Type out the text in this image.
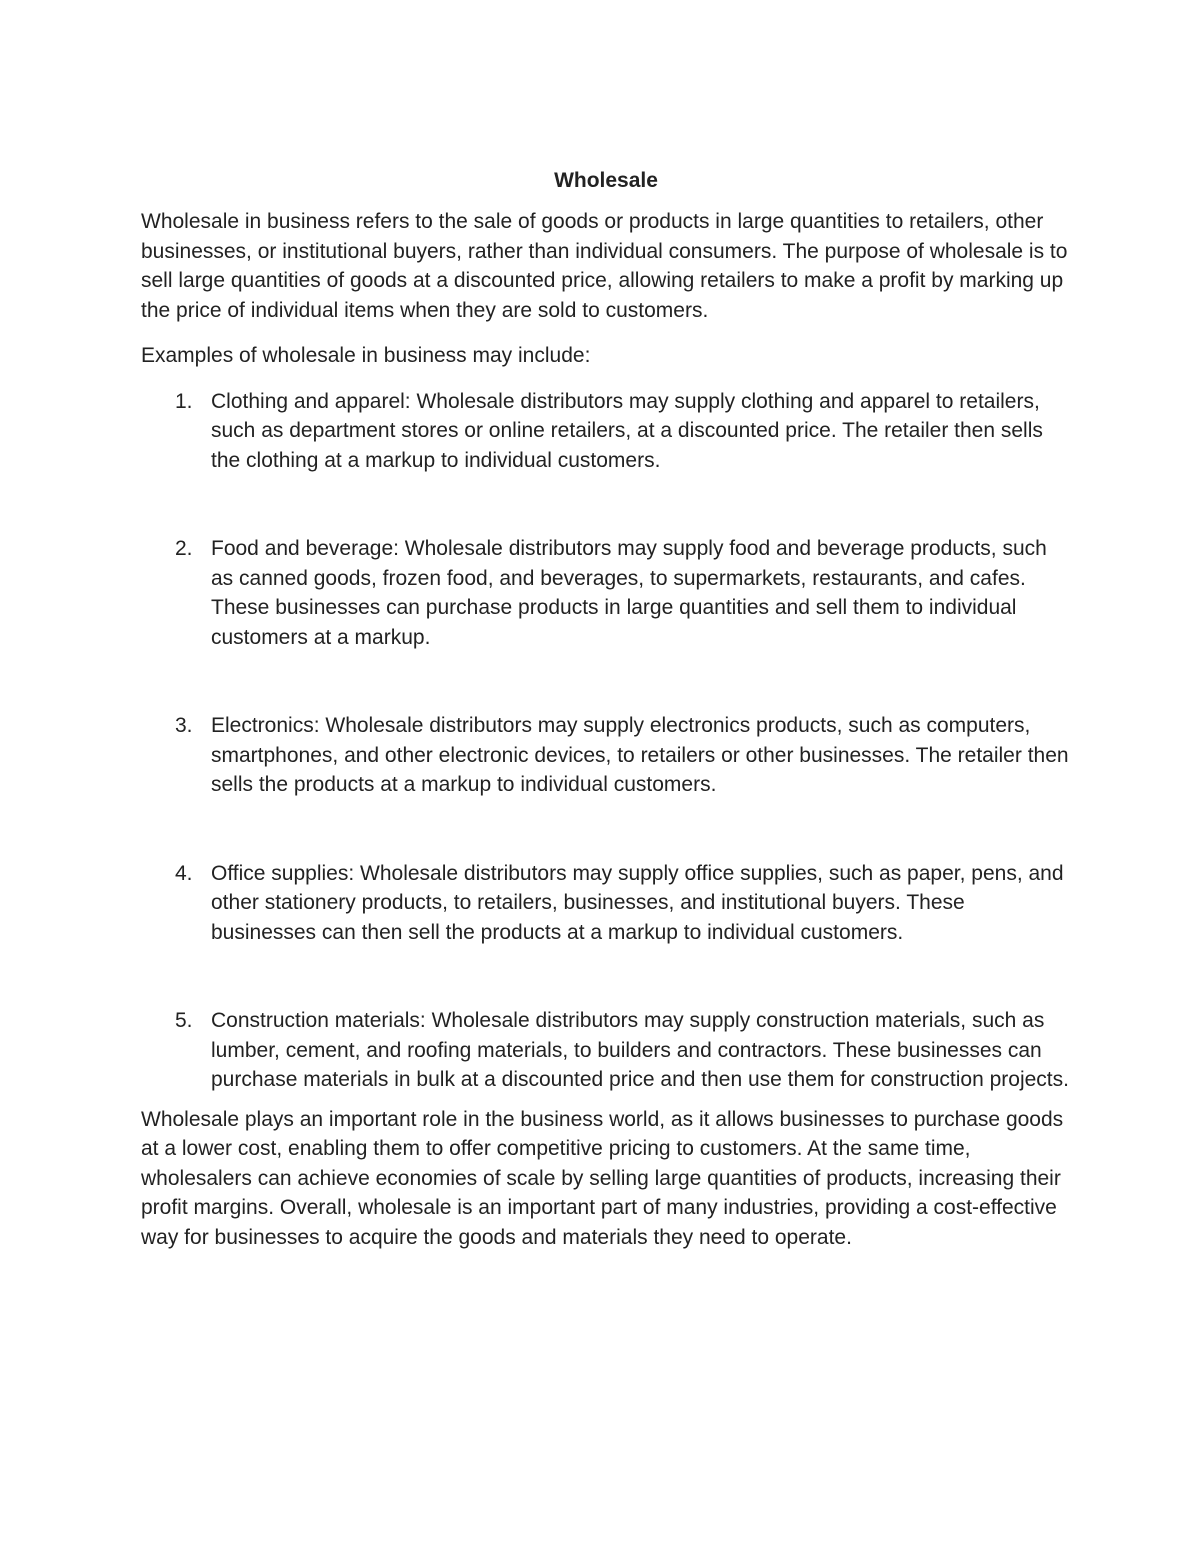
Wholesale

Wholesale in business refers to the sale of goods or products in large quantities to retailers, other businesses, or institutional buyers, rather than individual consumers. The purpose of wholesale is to sell large quantities of goods at a discounted price, allowing retailers to make a profit by marking up the price of individual items when they are sold to customers.

Examples of wholesale in business may include:

1. Clothing and apparel: Wholesale distributors may supply clothing and apparel to retailers, such as department stores or online retailers, at a discounted price. The retailer then sells the clothing at a markup to individual customers.
2. Food and beverage: Wholesale distributors may supply food and beverage products, such as canned goods, frozen food, and beverages, to supermarkets, restaurants, and cafes. These businesses can purchase products in large quantities and sell them to individual customers at a markup.
3. Electronics: Wholesale distributors may supply electronics products, such as computers, smartphones, and other electronic devices, to retailers or other businesses. The retailer then sells the products at a markup to individual customers.
4. Office supplies: Wholesale distributors may supply office supplies, such as paper, pens, and other stationery products, to retailers, businesses, and institutional buyers. These businesses can then sell the products at a markup to individual customers.
5. Construction materials: Wholesale distributors may supply construction materials, such as lumber, cement, and roofing materials, to builders and contractors. These businesses can purchase materials in bulk at a discounted price and then use them for construction projects.

Wholesale plays an important role in the business world, as it allows businesses to purchase goods at a lower cost, enabling them to offer competitive pricing to customers. At the same time, wholesalers can achieve economies of scale by selling large quantities of products, increasing their profit margins. Overall, wholesale is an important part of many industries, providing a cost-effective way for businesses to acquire the goods and materials they need to operate.
